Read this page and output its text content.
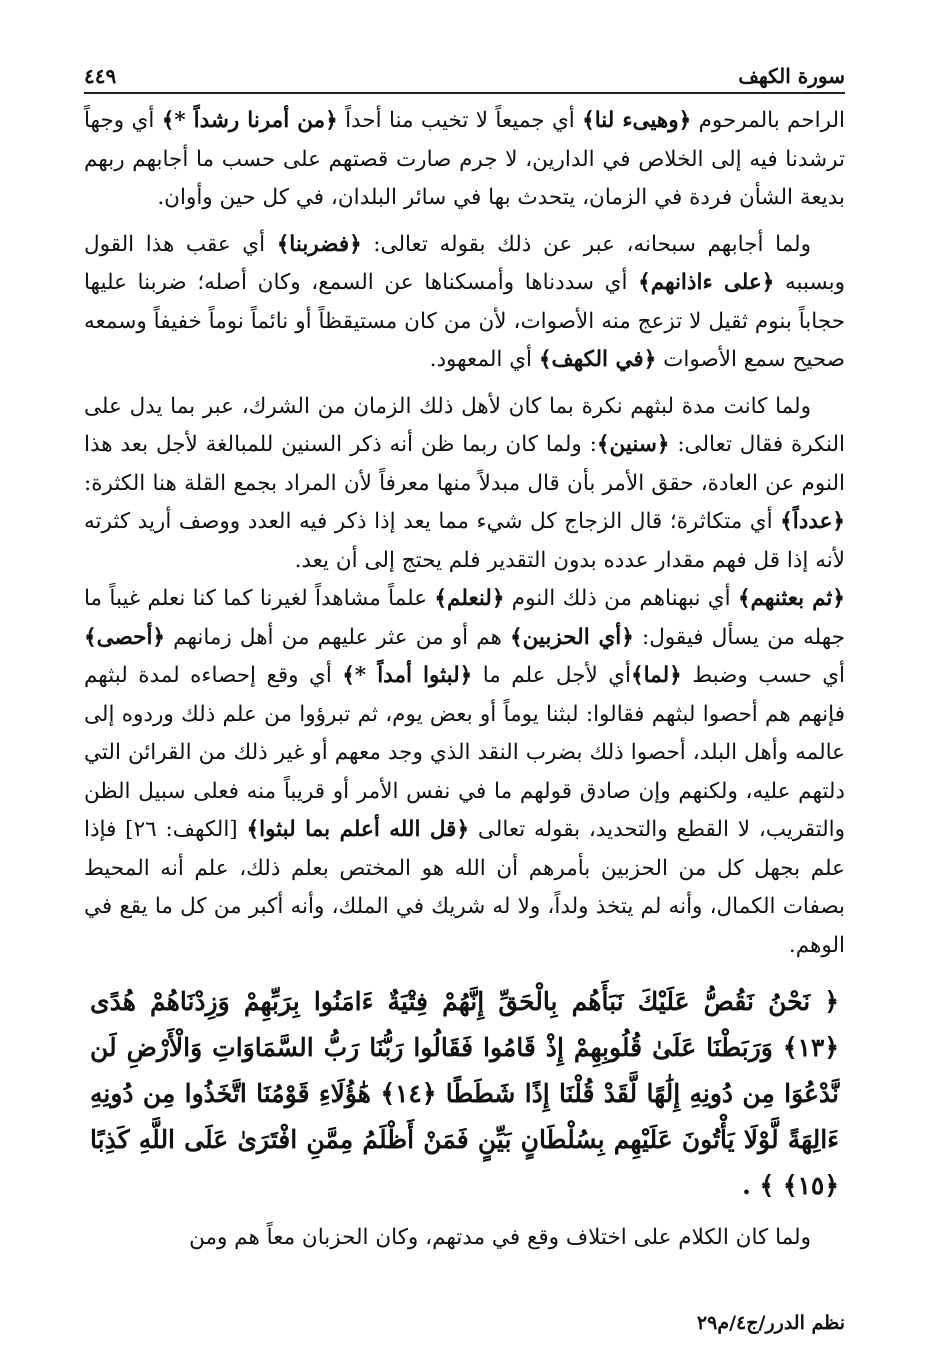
٤٤٩	سورة الكهف

الراحم بالمرحوم ﴿وهيىء لنا﴾ أي جميعاً لا تخيب منا أحداً ﴿من أمرنا رشداً *﴾ أي وجهاً ترشدنا فيه إلى الخلاص في الدارين، لا جرم صارت قصتهم على حسب ما أجابهم ربهم بديعة الشأن فردة في الزمان، يتحدث بها في سائر البلدان، في كل حين وأوان.

ولما أجابهم سبحانه، عبر عن ذلك بقوله تعالى: ﴿فضربنا﴾ أي عقب هذا القول وبسببه ﴿على ءاذانهم﴾ أي سددناها وأمسكناها عن السمع، وكان أصله؛ ضربنا عليها حجاباً بنوم ثقيل لا تزعج منه الأصوات، لأن من كان مستيقظاً أو نائماً نوماً خفيفاً وسمعه صحيح سمع الأصوات ﴿في الكهف﴾ أي المعهود.

ولما كانت مدة لبثهم نكرة بما كان لأهل ذلك الزمان من الشرك، عبر بما يدل على النكرة فقال تعالى: ﴿سنين﴾: ولما كان ربما ظن أنه ذكر السنين للمبالغة لأجل بعد هذا النوم عن العادة، حقق الأمر بأن قال مبدلاً منها معرفاً لأن المراد بجمع القلة هنا الكثرة: ﴿عدداً﴾ أي متكاثرة؛ قال الزجاج كل شيء مما يعد إذا ذكر فيه العدد ووصف أريد كثرته لأنه إذا قل فهم مقدار عدده بدون التقدير فلم يحتج إلى أن يعد.

﴿ثم بعثنهم﴾ أي نبهناهم من ذلك النوم ﴿لنعلم﴾ علماً مشاهداً لغيرنا كما كنا نعلم غيباً ما جهله من يسأل فيقول: ﴿أي الحزبين﴾ هم أو من عثر عليهم من أهل زمانهم ﴿أحصى﴾ أي حسب وضبط ﴿لما﴾أي لأجل علم ما ﴿لبثوا أمداً *﴾ أي وقع إحصاءه لمدة لبثهم فإنهم هم أحصوا لبثهم فقالوا: لبثنا يوماً أو بعض يوم، ثم تبرؤوا من علم ذلك وردوه إلى عالمه وأهل البلد، أحصوا ذلك بضرب النقد الذي وجد معهم أو غير ذلك من القرائن التي دلتهم عليه، ولكنهم وإن صادق قولهم ما في نفس الأمر أو قريباً منه فعلى سبيل الظن والتقريب، لا القطع والتحديد، بقوله تعالى ﴿قل الله أعلم بما لبثوا﴾ [الكهف: ٢٦] فإذا علم بجهل كل من الحزبين بأمرهم أن الله هو المختص بعلم ذلك، علم أنه المحيط بصفات الكمال، وأنه لم يتخذ ولداً، ولا له شريك في الملك، وأنه أكبر من كل ما يقع في الوهم.

﴿ نَحْنُ نَقُصُّ عَلَيْكَ نَبَأَهُم بِالْحَقِّ إِنَّهُمْ فِتْيَةٌ ءَامَنُوا بِرَبِّهِمْ وَزِدْنَاهُمْ هُدًى ﴿١٣﴾ وَرَبَطْنَا عَلَىٰ قُلُوبِهِمْ إِذْ قَامُوا فَقَالُوا رَبُّنَا رَبُّ السَّمَاوَاتِ وَالْأَرْضِ لَن نَّدْعُوَا مِن دُونِهِ إِلَٰهًا لَّقَدْ قُلْنَا إِذًا شَطَطًا ﴿١٤﴾ هَٰؤُلَاءِ قَوْمُنَا اتَّخَذُوا مِن دُونِهِ ءَالِهَةً لَّوْلَا يَأْتُونَ عَلَيْهِم بِسُلْطَانٍ بَيِّنٍ فَمَنْ أَظْلَمُ مِمَّنِ افْتَرَىٰ عَلَى اللَّهِ كَذِبًا ﴿١٥﴾ ﴾ .

ولما كان الكلام على اختلاف وقع في مدتهم، وكان الحزبان معاً هم ومن

نظم الدرر/ج٤/م٢٩
